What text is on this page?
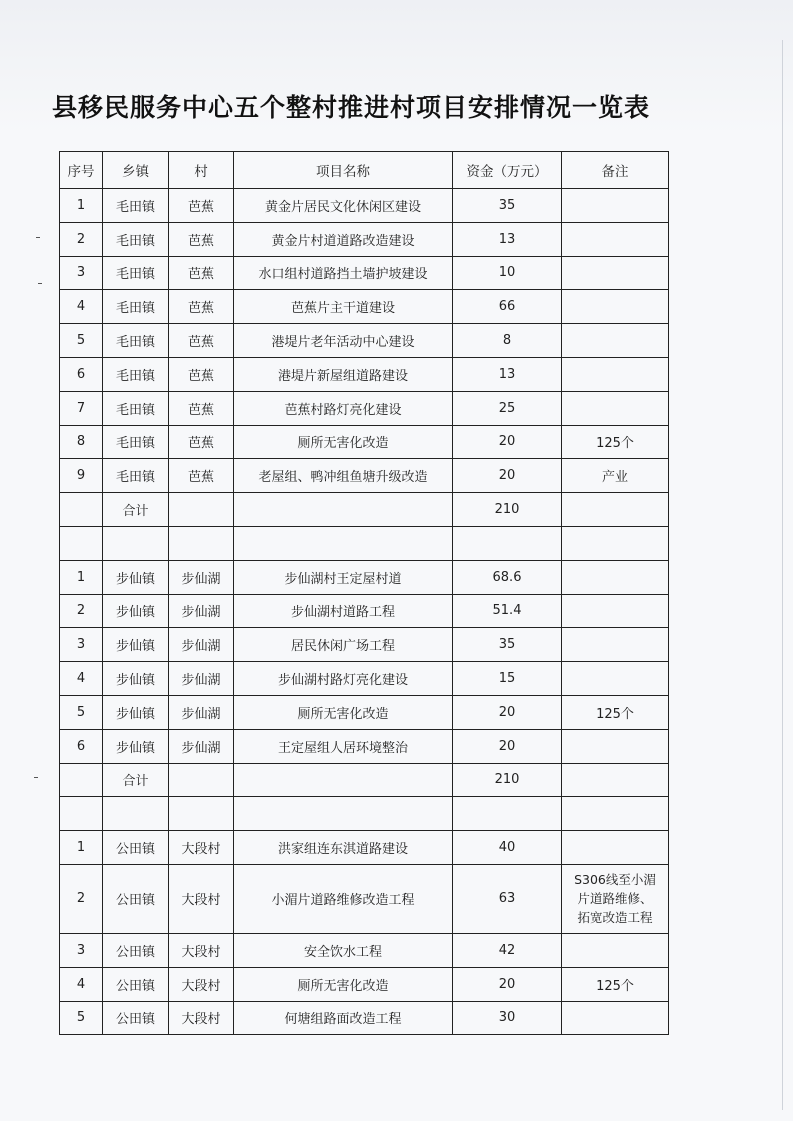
县移民服务中心五个整村推进村项目安排情况一览表
序号	乡镇	村	项目名称	资金（万元）	备注
1	毛田镇	芭蕉	黄金片居民文化休闲区建设	35	
2	毛田镇	芭蕉	黄金片村道道路改造建设	13	
3	毛田镇	芭蕉	水口组村道路挡土墙护坡建设	10	
4	毛田镇	芭蕉	芭蕉片主干道建设	66	
5	毛田镇	芭蕉	港堤片老年活动中心建设	8	
6	毛田镇	芭蕉	港堤片新屋组道路建设	13	
7	毛田镇	芭蕉	芭蕉村路灯亮化建设	25	
8	毛田镇	芭蕉	厕所无害化改造	20	125个
9	毛田镇	芭蕉	老屋组、鸭冲组鱼塘升级改造	20	产业
	合计			210	

1	步仙镇	步仙湖	步仙湖村王定屋村道	68.6	
2	步仙镇	步仙湖	步仙湖村道路工程	51.4	
3	步仙镇	步仙湖	居民休闲广场工程	35	
4	步仙镇	步仙湖	步仙湖村路灯亮化建设	15	
5	步仙镇	步仙湖	厕所无害化改造	20	125个
6	步仙镇	步仙湖	王定屋组人居环境整治	20	
	合计			210	

1	公田镇	大段村	洪家组连东淇道路建设	40	
2	公田镇	大段村	小湄片道路维修改造工程	63	S306线至小湄
片道路维修、
拓宽改造工程

3	公田镇	大段村	安全饮水工程	42	
4	公田镇	大段村	厕所无害化改造	20	125个
5	公田镇	大段村	何塘组路面改造工程	30	
